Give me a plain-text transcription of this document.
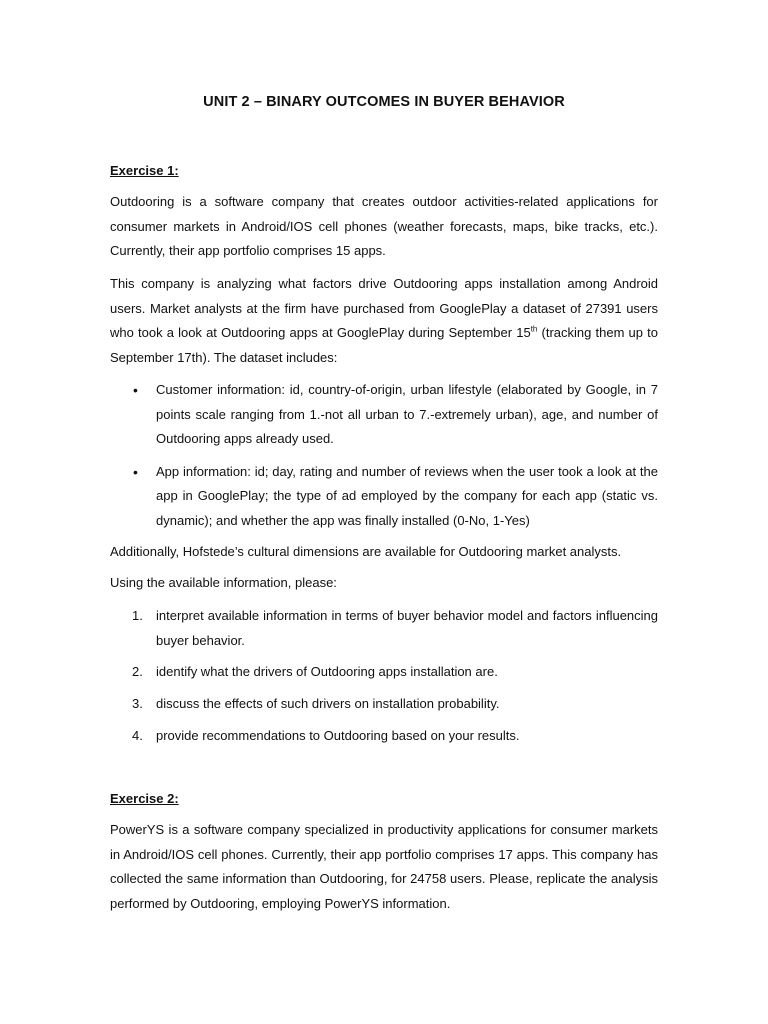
UNIT 2 – BINARY OUTCOMES IN BUYER BEHAVIOR

Exercise 1:

Outdooring is a software company that creates outdoor activities-related applications for consumer markets in Android/IOS cell phones (weather forecasts, maps, bike tracks, etc.). Currently, their app portfolio comprises 15 apps.

This company is analyzing what factors drive Outdooring apps installation among Android users. Market analysts at the firm have purchased from GooglePlay a dataset of 27391 users who took a look at Outdooring apps at GooglePlay during September 15th (tracking them up to September 17th). The dataset includes:

• Customer information: id, country-of-origin, urban lifestyle (elaborated by Google, in 7 points scale ranging from 1.-not all urban to 7.-extremely urban), age, and number of Outdooring apps already used.
• App information: id; day, rating and number of reviews when the user took a look at the app in GooglePlay; the type of ad employed by the company for each app (static vs. dynamic); and whether the app was finally installed (0-No, 1-Yes)

Additionally, Hofstede’s cultural dimensions are available for Outdooring market analysts.

Using the available information, please:

1. interpret available information in terms of buyer behavior model and factors influencing buyer behavior.
2. identify what the drivers of Outdooring apps installation are.
3. discuss the effects of such drivers on installation probability.
4. provide recommendations to Outdooring based on your results.

Exercise 2:

PowerYS is a software company specialized in productivity applications for consumer markets in Android/IOS cell phones. Currently, their app portfolio comprises 17 apps. This company has collected the same information than Outdooring, for 24758 users. Please, replicate the analysis performed by Outdooring, employing PowerYS information.
